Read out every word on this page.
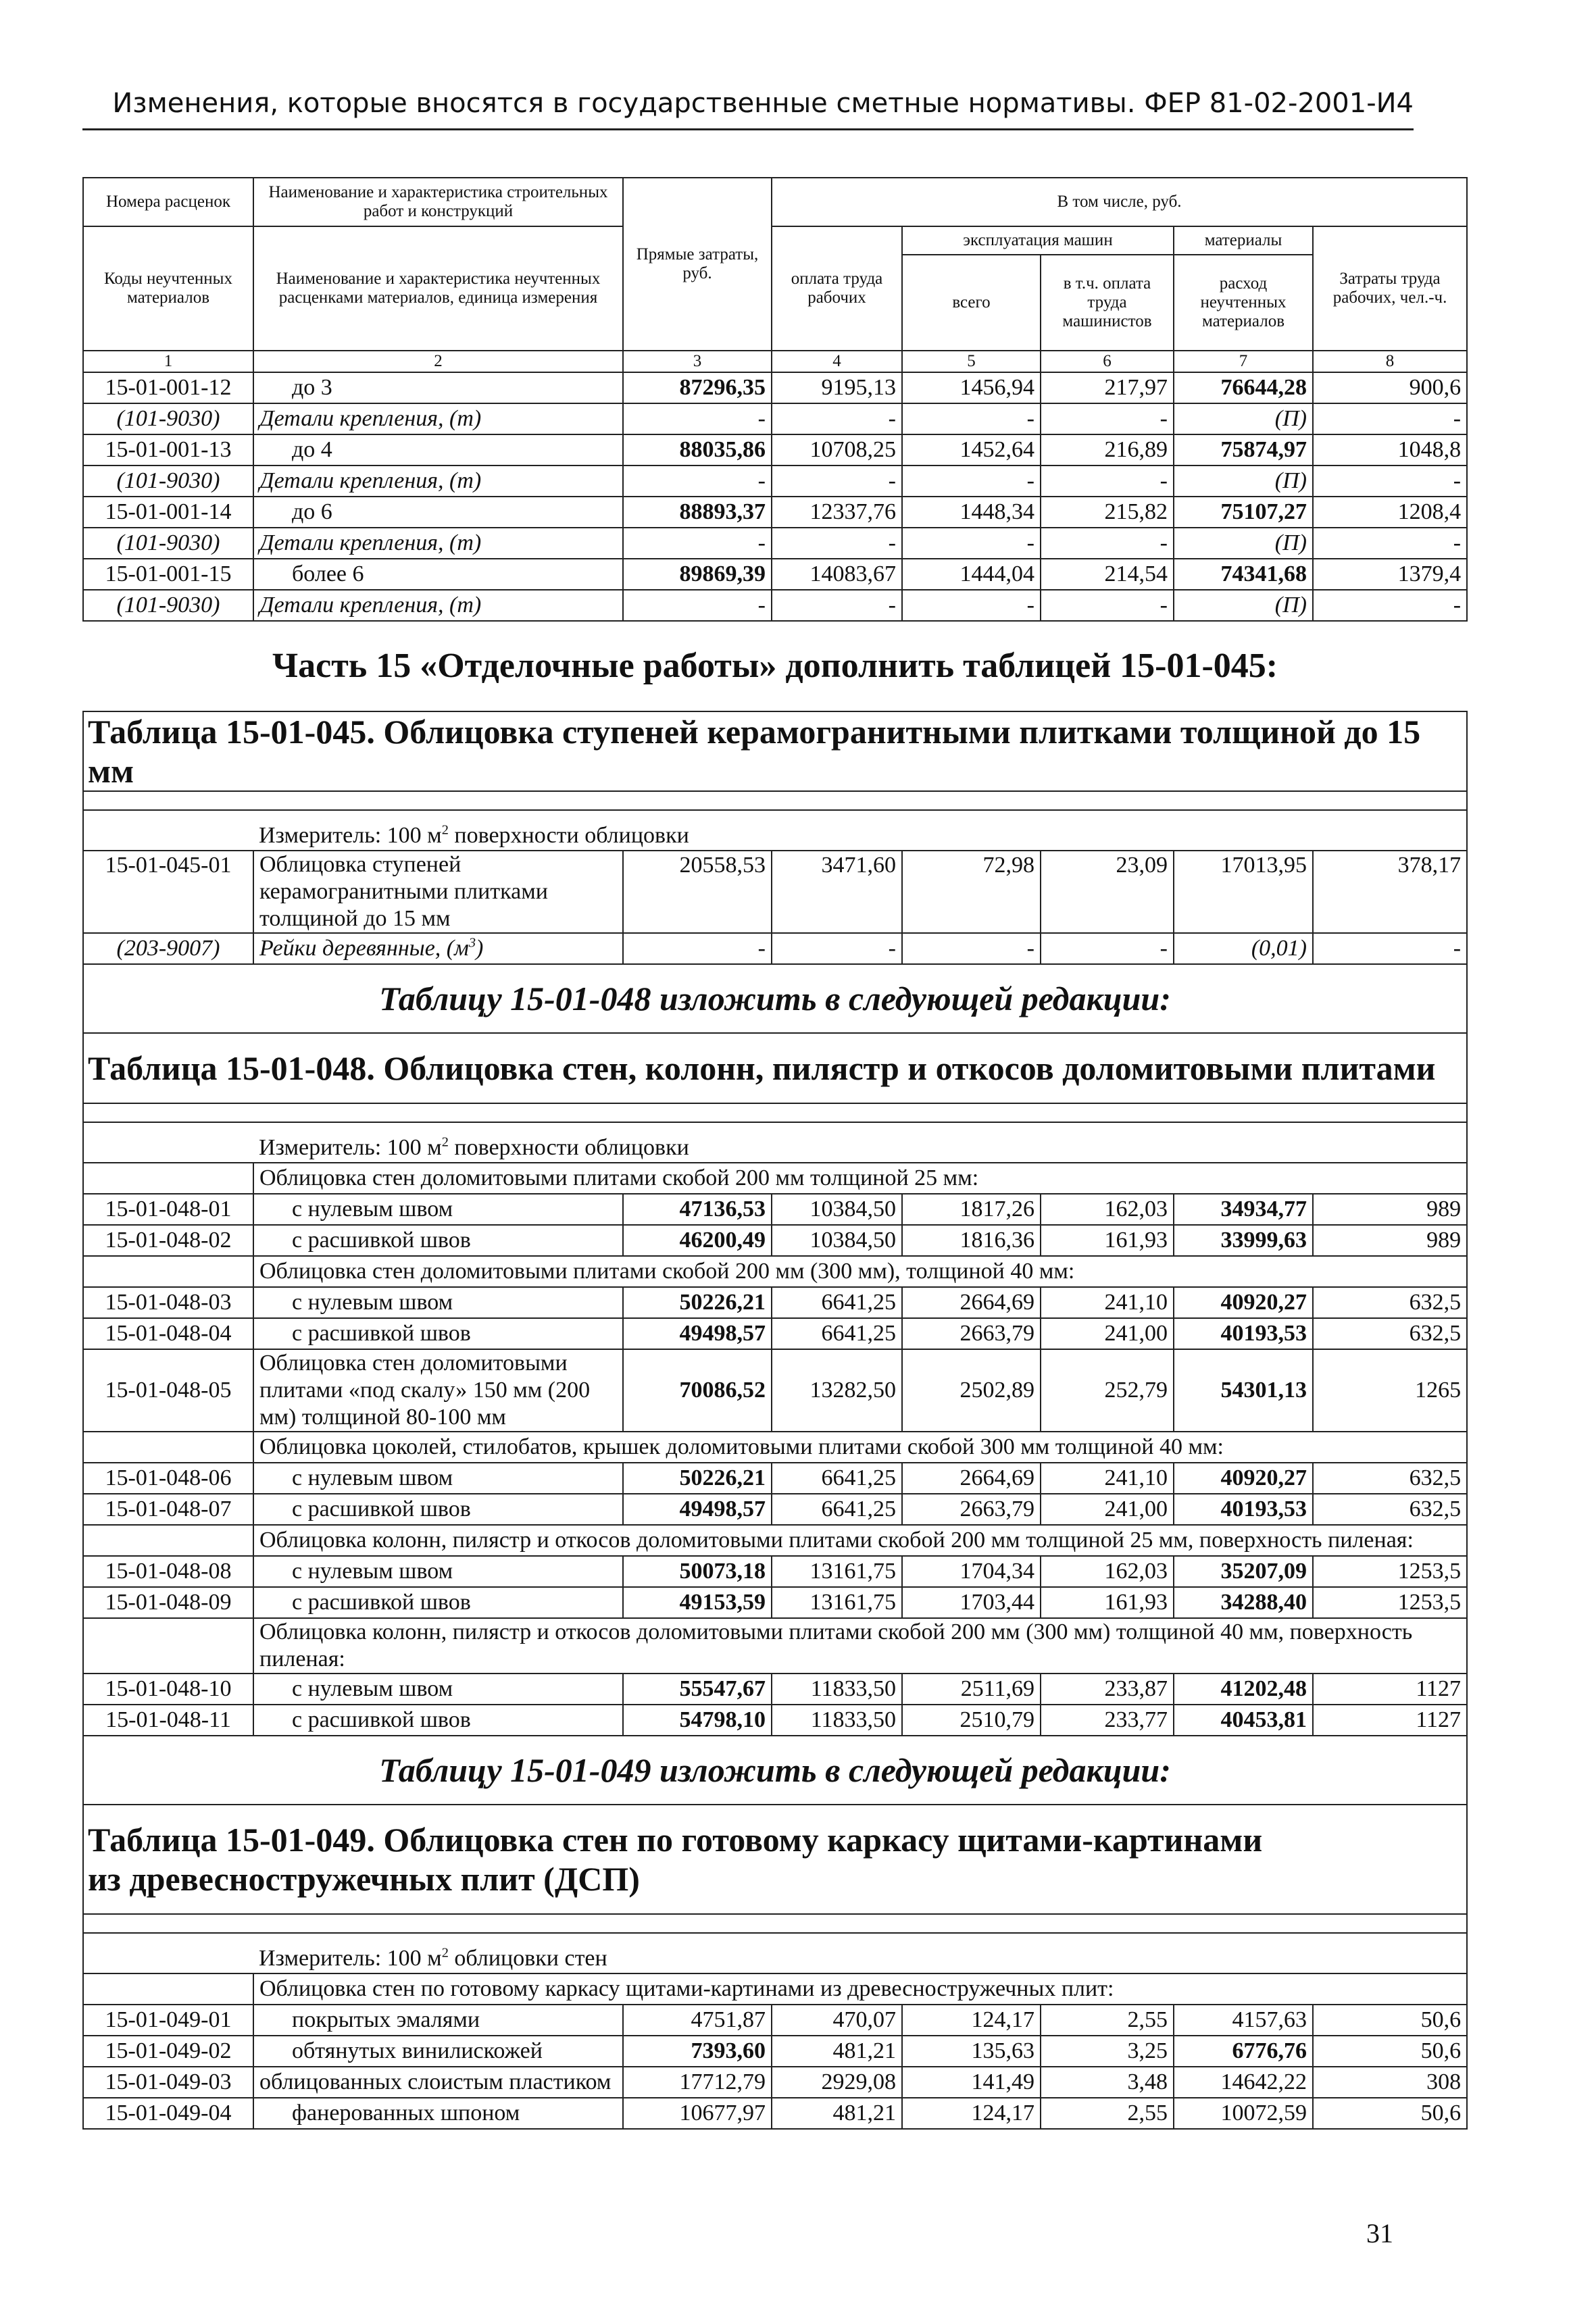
Изменения, которые вносятся в государственные сметные нормативы. ФЕР 81-02-2001-И4
Номера расценок	Наименование и характеристика строительных работ и конструкций	Прямые затраты, руб.	В том числе, руб.				
Коды неучтенных материалов	Наименование и характеристика неучтенных расценками материалов, единица измерения		оплата труда рабочих	эксплуатация машин		материалы	Затраты труда рабочих, чел.-ч.
				всего	в т.ч. оплата труда машинистов	расход неучтенных материалов	
1	2	3	4	5	6	7	8
15-01-001-12	до 3	87296,35	9195,13	1456,94	217,97	76644,28	900,6
(101-9030)	Детали крепления, (т)	-	-	-	-	(П)	-
15-01-001-13	до 4	88035,86	10708,25	1452,64	216,89	75874,97	1048,8
(101-9030)	Детали крепления, (т)	-	-	-	-	(П)	-
15-01-001-14	до 6	88893,37	12337,76	1448,34	215,82	75107,27	1208,4
(101-9030)	Детали крепления, (т)	-	-	-	-	(П)	-
15-01-001-15	более 6	89869,39	14083,67	1444,04	214,54	74341,68	1379,4
(101-9030)	Детали крепления, (т)	-	-	-	-	(П)	-
Часть 15 «Отделочные работы» дополнить таблицей 15-01-045:							
Таблица 15-01-045. Облицовка ступеней керамогранитными плитками толщиной до 15 мм							

	Измеритель: 100 $м^2$ поверхности облицовки						
15-01-045-01	Облицовка ступеней керамогранитными плитками толщиной до 15 мм	20558,53	3471,60	72,98	23,09	17013,95	378,17
(203-9007)	Рейки деревянные, $(м^3)$	-	-	-	-	(0,01)	-
Таблицу 15-01-048 изложить в следующей редакции:							
Таблица 15-01-048. Облицовка стен, колонн, пилястр и откосов доломитовыми плитами							

	Измеритель: 100 $м^2$ поверхности облицовки						
	Облицовка стен доломитовыми плитами скобой 200 мм толщиной 25 мм:						
15-01-048-01	с нулевым швом	47136,53	10384,50	1817,26	162,03	34934,77	989
15-01-048-02	с расшивкой швов	46200,49	10384,50	1816,36	161,93	33999,63	989
	Облицовка стен доломитовыми плитами скобой 200 мм (300 мм), толщиной 40 мм:						
15-01-048-03	с нулевым швом	50226,21	6641,25	2664,69	241,10	40920,27	632,5
15-01-048-04	с расшивкой швов	49498,57	6641,25	2663,79	241,00	40193,53	632,5
15-01-048-05	Облицовка стен доломитовыми плитами «под скалу» 150 мм (200 мм) толщиной 80-100 мм	70086,52	13282,50	2502,89	252,79	54301,13	1265
	Облицовка цоколей, стилобатов, крышек доломитовыми плитами скобой 300 мм толщиной 40 мм:						
15-01-048-06	с нулевым швом	50226,21	6641,25	2664,69	241,10	40920,27	632,5
15-01-048-07	с расшивкой швов	49498,57	6641,25	2663,79	241,00	40193,53	632,5
	Облицовка колонн, пилястр и откосов доломитовыми плитами скобой 200 мм толщиной 25 мм, поверхность пиленая:						
15-01-048-08	с нулевым швом	50073,18	13161,75	1704,34	162,03	35207,09	1253,5
15-01-048-09	с расшивкой швов	49153,59	13161,75	1703,44	161,93	34288,40	1253,5
	Облицовка колонн, пилястр и откосов доломитовыми плитами скобой 200 мм (300 мм) толщиной 40 мм, поверхность пиленая:						
15-01-048-10	с нулевым швом	55547,67	11833,50	2511,69	233,87	41202,48	1127
15-01-048-11	с расшивкой швов	54798,10	11833,50	2510,79	233,77	40453,81	1127
Таблицу 15-01-049 изложить в следующей редакции:							
Таблица 15-01-049. Облицовка стен по готовому каркасу щитами-картинами из древесностружечных плит (ДСП)							

	Измеритель: 100 $м^2$ облицовки стен						
	Облицовка стен по готовому каркасу щитами-картинами из древесностружечных плит:						
15-01-049-01	покрытых эмалями	4751,87	470,07	124,17	2,55	4157,63	50,6
15-01-049-02	обтянутых винилискожей	7393,60	481,21	135,63	3,25	6776,76	50,6
15-01-049-03	облицованных слоистым пластиком	17712,79	2929,08	141,49	3,48	14642,22	308
15-01-049-04	фанерованных шпоном	10677,97	481,21	124,17	2,55	10072,59	50,6
31
